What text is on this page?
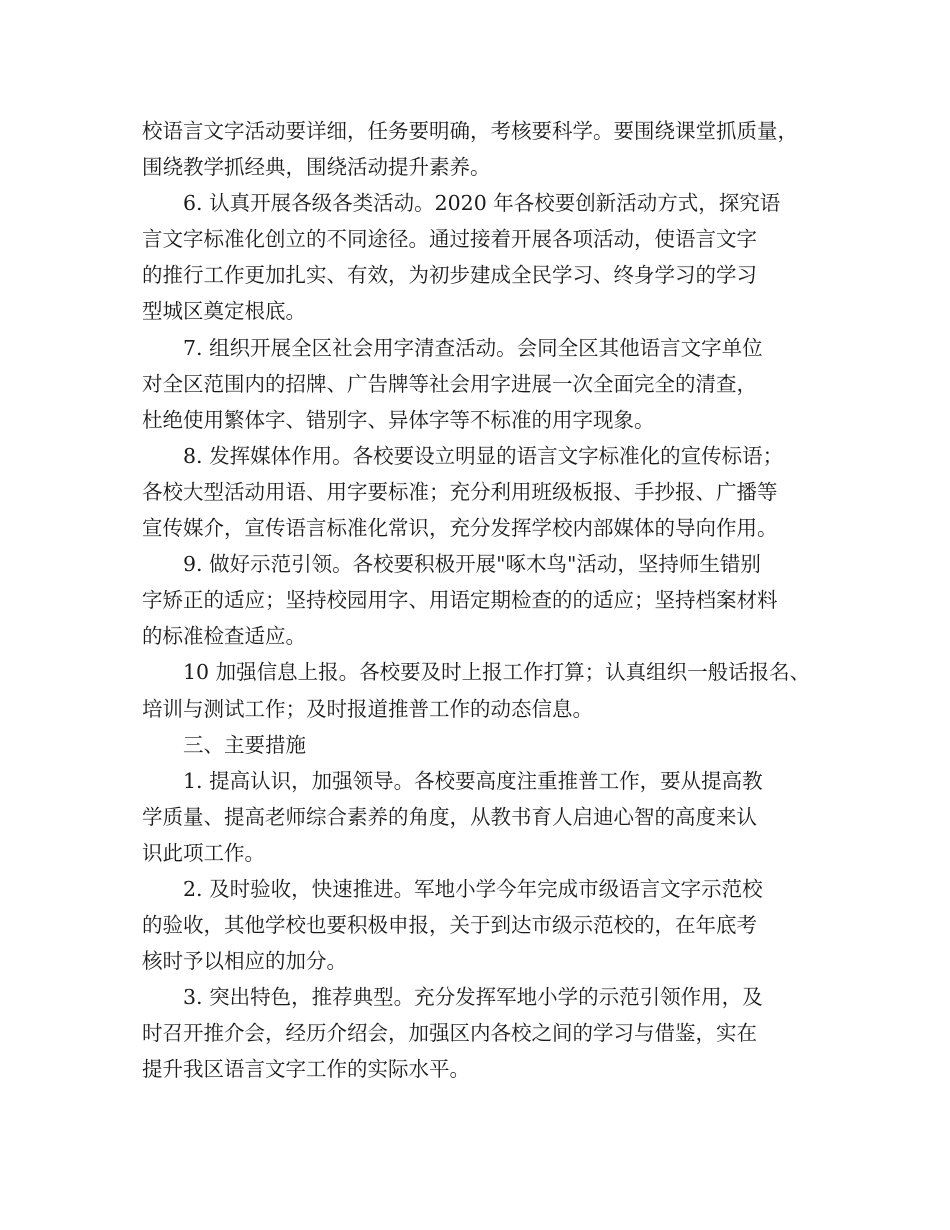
校语言文字活动要详细，任务要明确，考核要科学。要围绕课堂抓质量，
围绕教学抓经典，围绕活动提升素养。
6. 认真开展各级各类活动。2020 年各校要创新活动方式，探究语
言文字标准化创立的不同途径。通过接着开展各项活动，使语言文字
的推行工作更加扎实、有效，为初步建成全民学习、终身学习的学习
型城区奠定根底。
7. 组织开展全区社会用字清查活动。会同全区其他语言文字单位
对全区范围内的招牌、广告牌等社会用字进展一次全面完全的清查，
杜绝使用繁体字、错别字、异体字等不标准的用字现象。
8. 发挥媒体作用。各校要设立明显的语言文字标准化的宣传标语；
各校大型活动用语、用字要标准；充分利用班级板报、手抄报、广播等
宣传媒介，宣传语言标准化常识，充分发挥学校内部媒体的导向作用。
9. 做好示范引领。各校要积极开展"啄木鸟"活动，坚持师生错别
字矫正的适应；坚持校园用字、用语定期检查的的适应；坚持档案材料
的标准检查适应。
10 加强信息上报。各校要及时上报工作打算；认真组织一般话报名、
培训与测试工作；及时报道推普工作的动态信息。
三、主要措施
1. 提高认识，加强领导。各校要高度注重推普工作，要从提高教
学质量、提高老师综合素养的角度，从教书育人启迪心智的高度来认
识此项工作。
2. 及时验收，快速推进。军地小学今年完成市级语言文字示范校
的验收，其他学校也要积极申报，关于到达市级示范校的，在年底考
核时予以相应的加分。
3. 突出特色，推荐典型。充分发挥军地小学的示范引领作用，及
时召开推介会，经历介绍会，加强区内各校之间的学习与借鉴，实在
提升我区语言文字工作的实际水平。
